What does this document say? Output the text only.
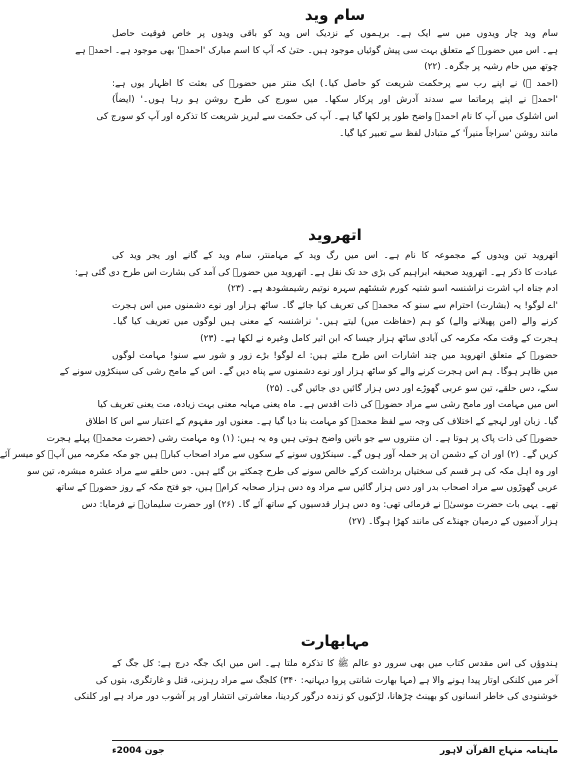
سام وید
سام وید چار ویدوں میں سے ایک ہے۔ برہموں کے نزدیک اس وید کو باقی ویدوں پر خاص فوقیت حاصل
ہے۔ اس میں حضورؐ کے متعلق بہت سی پیش گوئیاں موجود ہیں۔ حتیٰ کہ آپ کا اسم مبارک 'احمدؐ' بھی موجود ہے۔ احمدؐ ہے
چوتھ میں حام رشیہ پر جگرہ۔ (۲۲)
(احمد ﷺ) نے اپنے رب سے پرحکمت شریعت کو حاصل کیا۔) ایک منتر میں حضورؐ کی بعثت کا اظہار یوں ہے:
'احمدؐ نے اپنے پرماتما سے سدند آدرش اور پرکار سکھا۔ میں سورج کی طرح روشن ہو رہا ہوں۔' (ایضاً)
اس اشلوک میں آپ کا نام احمدؐ واضح طور پر لکھا گیا ہے۔ آپ کی حکمت سے لبریز شریعت کا تذکرہ اور آپ کو سورج کی
مانند روشن 'سراجاً منیراً' کے متبادل لفظ سے تعبیر کیا گیا۔
اتھروید
اتھروید تین ویدوں کے مجموعہ کا نام ہے۔ اس میں رگ وید کے مہامنتر، سام وید کے گانے اور یجر وید کی
عبادت کا ذکر ہے۔ اتھروید صحیفہ ابراہیم کی بڑی حد تک نقل ہے۔ اتھروید میں حضورؐ کی آمد کی بشارت اس طرح دی گئی ہے:
ادم جناہ اپ اشرت نراشنسہ اسو شتیہ کورم ششٹھم سہرہ نوتیم رشیمشودھ ہے۔ (۲۳)
'اے لوگو! یہ (بشارت) احترام سے سنو کہ محمدؐ کی تعریف کیا جائے گا۔ ساٹھ ہزار اور نوے دشمنوں میں اس ہجرت
کرنے والے (امن پھیلانے والے) کو ہم (حفاظت میں) لیتے ہیں۔' نراشنسہ کے معنی ہیں لوگوں میں تعریف کیا گیا۔
ہجرت کے وقت مکہ مکرمہ کی آبادی ساٹھ ہزار جیسا کہ ابن اثیر کامل وغیرہ نے لکھا ہے۔ (۲۳)
حضورؐ کے متعلق اتھروید میں چند اشارات اس طرح ملتے ہیں: اے لوگو! بڑے زور و شور سے سنو! مہامت لوگوں
میں ظاہر ہوگا۔ ہم اس ہجرت کرنے والے کو ساٹھ ہزار اور نوے دشمنوں سے پناہ دیں گے۔ اس کے مامح رشی کی سینکڑوں سونے کے
سکے، دس حلقے، تین سو عربی گھوڑے اور دس ہزار گائیں دی جائیں گی۔ (۲۵)
اس میں مہامت اور مامح رشی سے مراد حضورؐ کی ذات اقدس ہے۔ ماہ یعنی مہابہ معنی بہت زیادہ، مت یعنی تعریف کیا
گیا۔ زبان اور لہجے کے اختلاف کی وجہ سے لفظ محمدؐ کو مہامت بنا دیا گیا ہے۔ معنوں اور مفہوم کے اعتبار سے اس کا اطلاق
حضورؐ کی ذات پاک پر ہوتا ہے۔ ان منتروں سے جو باتیں واضح ہوتی ہیں وہ یہ ہیں: (۱) وہ مہامت رشی (حضرت محمدؐ) پہلے ہجرت
کریں گے۔ (۲) اور ان کے دشمن ان پر حملہ آور ہوں گے۔ سینکڑوں سونے کے سکوں سے مراد اصحاب کبارؓ ہیں جو مکہ مکرمہ میں آپؐ کو میسر آئے
اور وہ اہل مکہ کی ہر قسم کی سختیاں برداشت کرکے خالص سونے کی طرح چمکتے بن گئے ہیں۔ دس حلقے سے مراد عشرہ مبشرہ، تین سو
عربی گھوڑوں سے مراد اصحاب بدر اور دس ہزار گائیں سے مراد وہ دس ہزار صحابہ کرامؓ ہیں، جو فتح مکہ کے روز حضورؐ کے ساتھ
تھے۔ یہی بات حضرت موسیٰؑ نے فرمائی تھی: وہ دس ہزار قدسیوں کے ساتھ آئے گا۔ (۲۶) اور حضرت سلیمانؑ نے فرمایا: دس
ہزار آدمیوں کے درمیان جھنڈے کی مانند کھڑا ہوگا۔ (۲۷)
مہابھارت
ہندوؤں کی اس مقدس کتاب میں بھی سرور دو عالم ﷺ کا تذکرہ ملتا ہے۔ اس میں ایک جگہ درج ہے: کل جگ کے
آخر میں کلنکی اوتار پیدا ہونے والا ہے (مہا بھارت شانتی پروا دیہانیہ: ۳۴۰) کلجگ سے مراد رہزنی، قتل و غارتگری، بتوں کی
خوشنودی کی خاطر انسانوں کو بھینٹ چڑھانا، لڑکیوں کو زندہ درگور کردینا، معاشرتی انتشار اور پر آشوب دور مراد ہے اور کلنکی
ماہنامہ منہاج القرآن لاہور
جون 2004ء
